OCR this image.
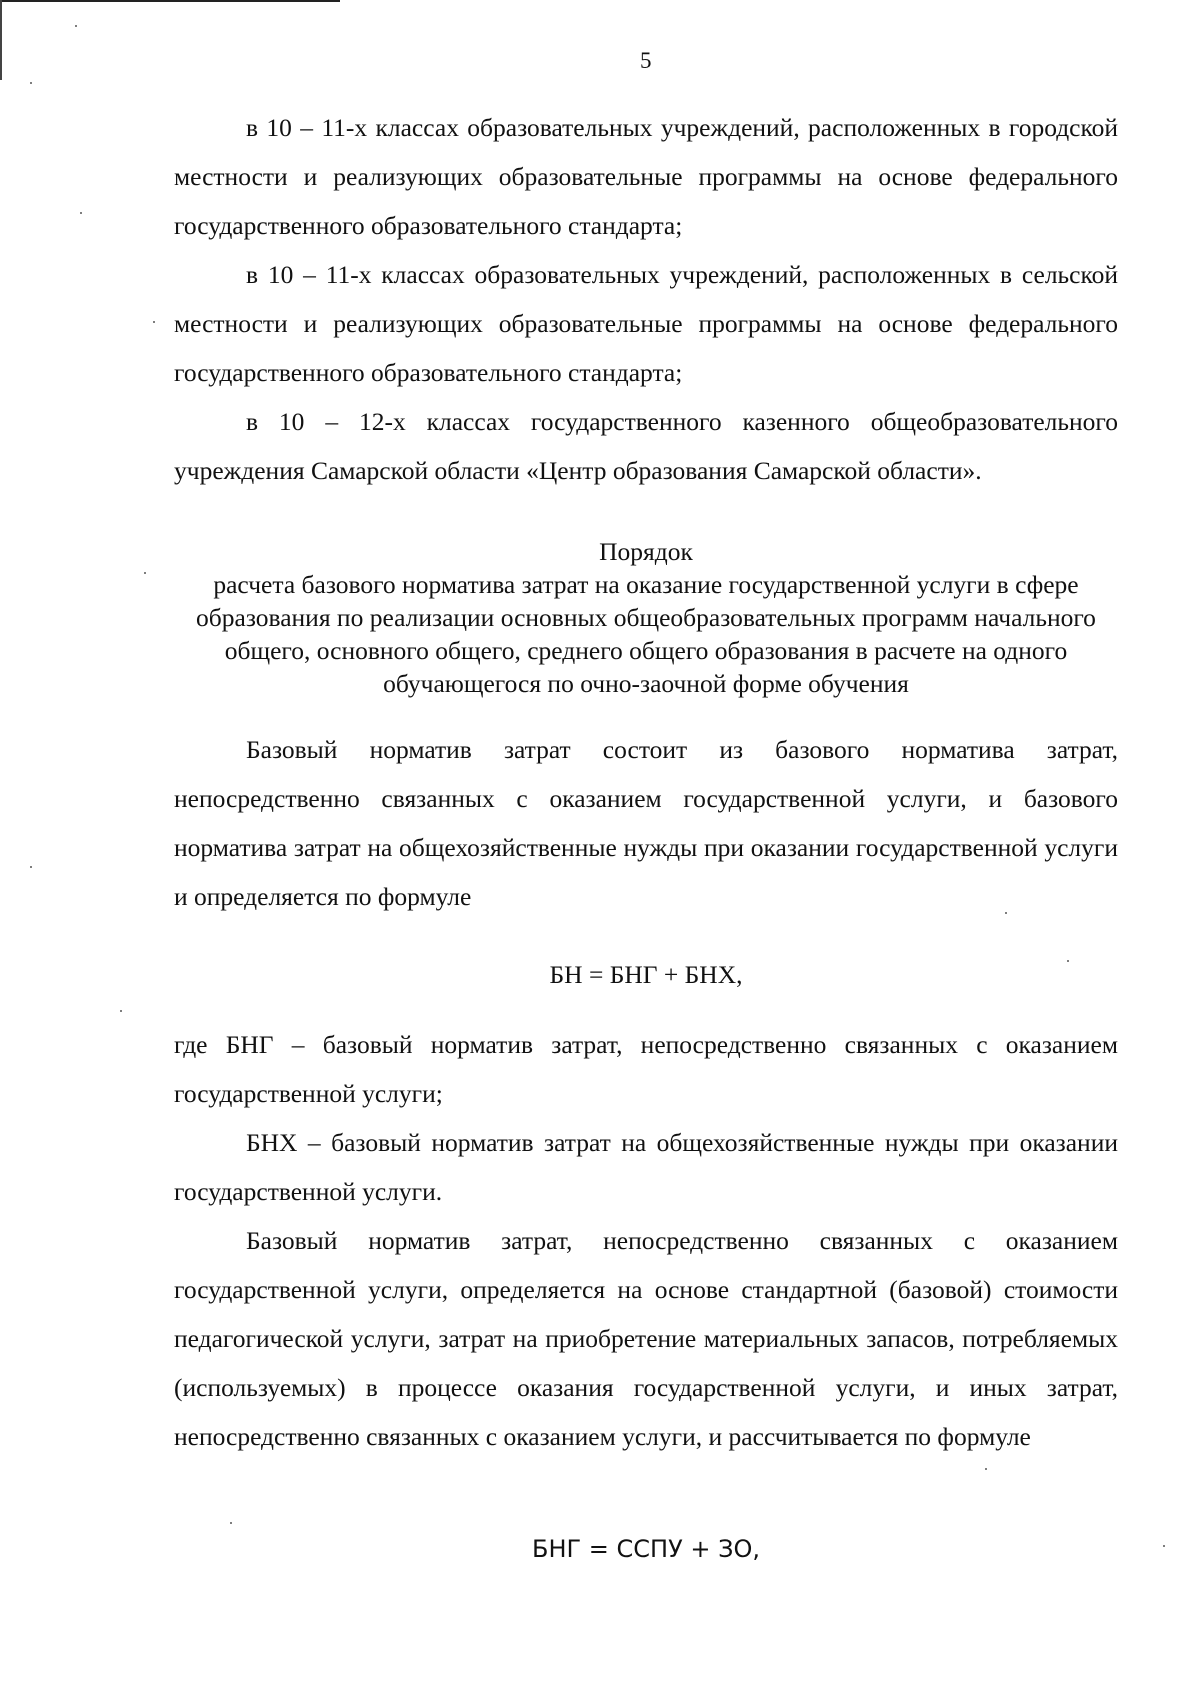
5

в 10 – 11-х классах образовательных учреждений, расположенных в городской местности и реализующих образовательные программы на основе федерального государственного образовательного стандарта;

в 10 – 11-х классах образовательных учреждений, расположенных в сельской местности и реализующих образовательные программы на основе федерального государственного образовательного стандарта;

в 10 – 12-х классах государственного казенного общеобразовательного учреждения Самарской области «Центр образования Самарской области».

Порядок
расчета базового норматива затрат на оказание государственной услуги в сфере образования по реализации основных общеобразовательных программ начального общего, основного общего, среднего общего образования в расчете на одного обучающегося по очно-заочной форме обучения

Базовый норматив затрат состоит из базового норматива затрат, непосредственно связанных с оказанием государственной услуги, и базового норматива затрат на общехозяйственные нужды при оказании государственной услуги и определяется по формуле

БН = БНГ + БНХ,

где БНГ – базовый норматив затрат, непосредственно связанных с оказанием государственной услуги;

БНХ – базовый норматив затрат на общехозяйственные нужды при оказании государственной услуги.

Базовый норматив затрат, непосредственно связанных с оказанием государственной услуги, определяется на основе стандартной (базовой) стоимости педагогической услуги, затрат на приобретение материальных запасов, потребляемых (используемых) в процессе оказания государственной услуги, и иных затрат, непосредственно связанных с оказанием услуги, и рассчитывается по формуле

БНГ = ССПУ + ЗО,
